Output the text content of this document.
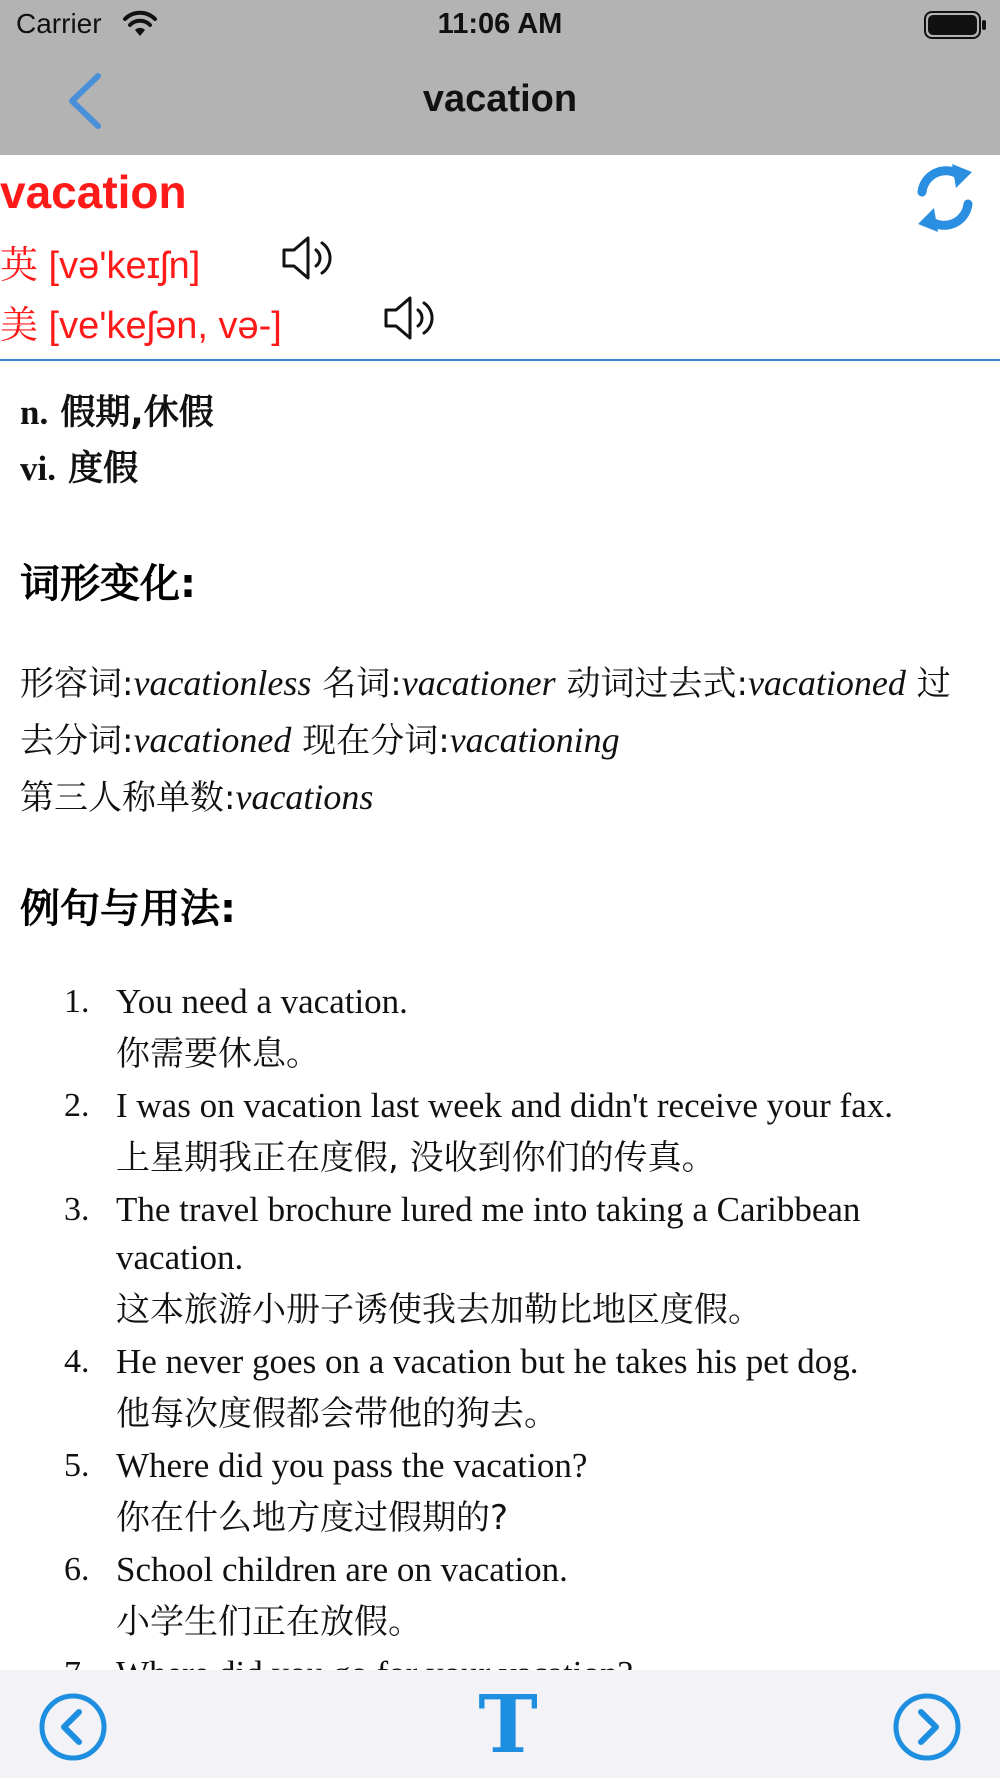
Carrier	11:06 AM
vacation
vacation
英 [və'keɪʃn]
美 [ve'keʃən, və-]
n. 假期,休假
vi. 度假
词形变化:
形容词:vacationless 名词:vacationer 动词过去式:vacationed 过去分词:vacationed 现在分词:vacationing
第三人称单数:vacations
例句与用法:
1. You need a vacation.
你需要休息。
2. I was on vacation last week and didn't receive your fax.
上星期我正在度假, 没收到你们的传真。
3. The travel brochure lured me into taking a Caribbean vacation.
这本旅游小册子诱使我去加勒比地区度假。
4. He never goes on a vacation but he takes his pet dog.
他每次度假都会带他的狗去。
5. Where did you pass the vacation?
你在什么地方度过假期的?
6. School children are on vacation.
小学生们正在放假。
T
